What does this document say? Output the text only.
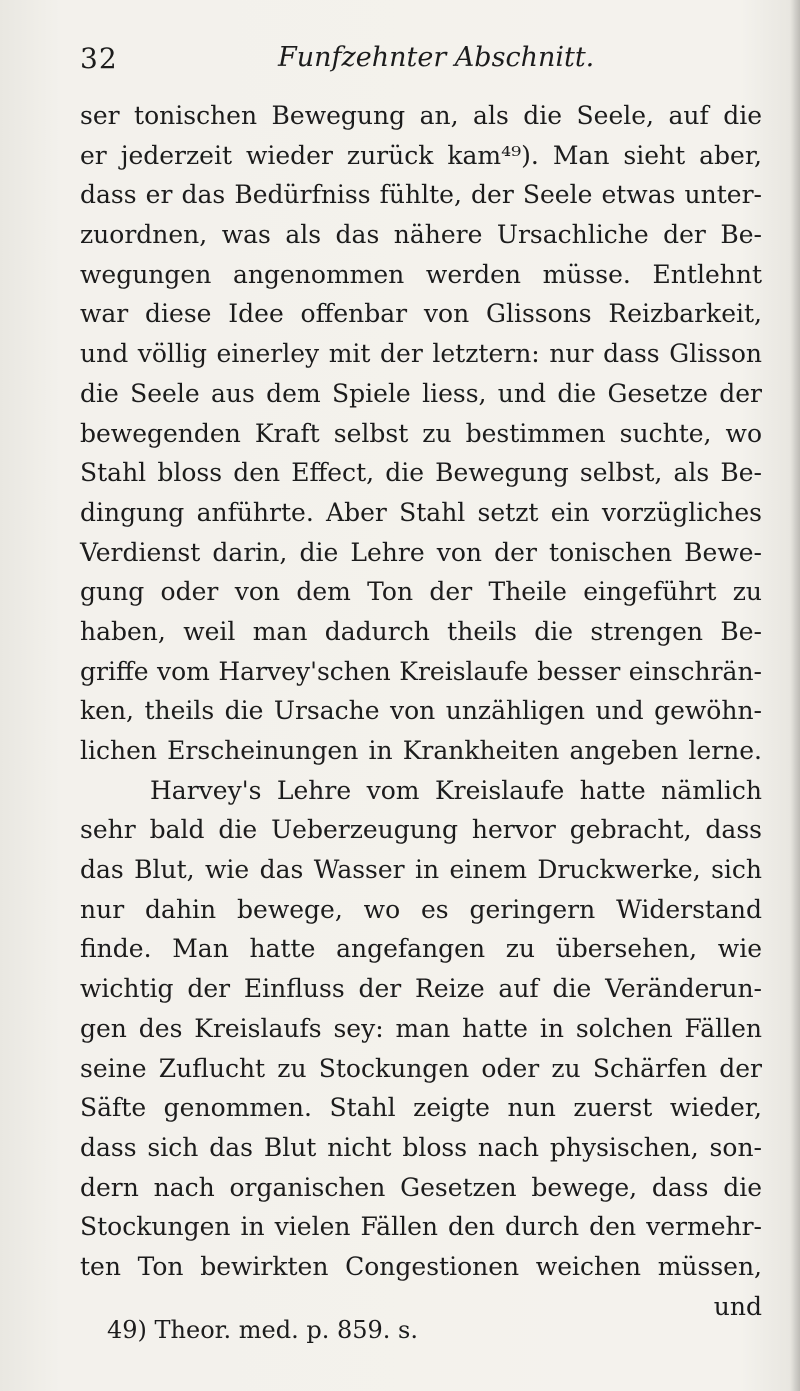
32	Funfzehnter Abschnitt.
ser tonischen Bewegung an, als die Seele, auf die
er jederzeit wieder zurück kam⁴⁹). Man sieht aber,
dass er das Bedürfniss fühlte, der Seele etwas unter-
zuordnen, was als das nähere Ursachliche der Be-
wegungen angenommen werden müsse. Entlehnt
war diese Idee offenbar von Glissons Reizbarkeit,
und völlig einerley mit der letztern: nur dass Glisson
die Seele aus dem Spiele liess, und die Gesetze der
bewegenden Kraft selbst zu bestimmen suchte, wo
Stahl bloss den Effect, die Bewegung selbst, als Be-
dingung anführte. Aber Stahl setzt ein vorzügliches
Verdienst darin, die Lehre von der tonischen Bewe-
gung oder von dem Ton der Theile eingeführt zu
haben, weil man dadurch theils die strengen Be-
griffe vom Harvey'schen Kreislaufe besser einschrän-
ken, theils die Ursache von unzähligen und gewöhn-
lichen Erscheinungen in Krankheiten angeben lerne.
Harvey's Lehre vom Kreislaufe hatte nämlich
sehr bald die Ueberzeugung hervor gebracht, dass
das Blut, wie das Wasser in einem Druckwerke, sich
nur dahin bewege, wo es geringern Widerstand
finde. Man hatte angefangen zu übersehen, wie
wichtig der Einfluss der Reize auf die Veränderun-
gen des Kreislaufs sey: man hatte in solchen Fällen
seine Zuflucht zu Stockungen oder zu Schärfen der
Säfte genommen. Stahl zeigte nun zuerst wieder,
dass sich das Blut nicht bloss nach physischen, son-
dern nach organischen Gesetzen bewege, dass die
Stockungen in vielen Fällen den durch den vermehr-
ten Ton bewirkten Congestionen weichen müssen,
und
49) Theor. med. p. 859. s.
